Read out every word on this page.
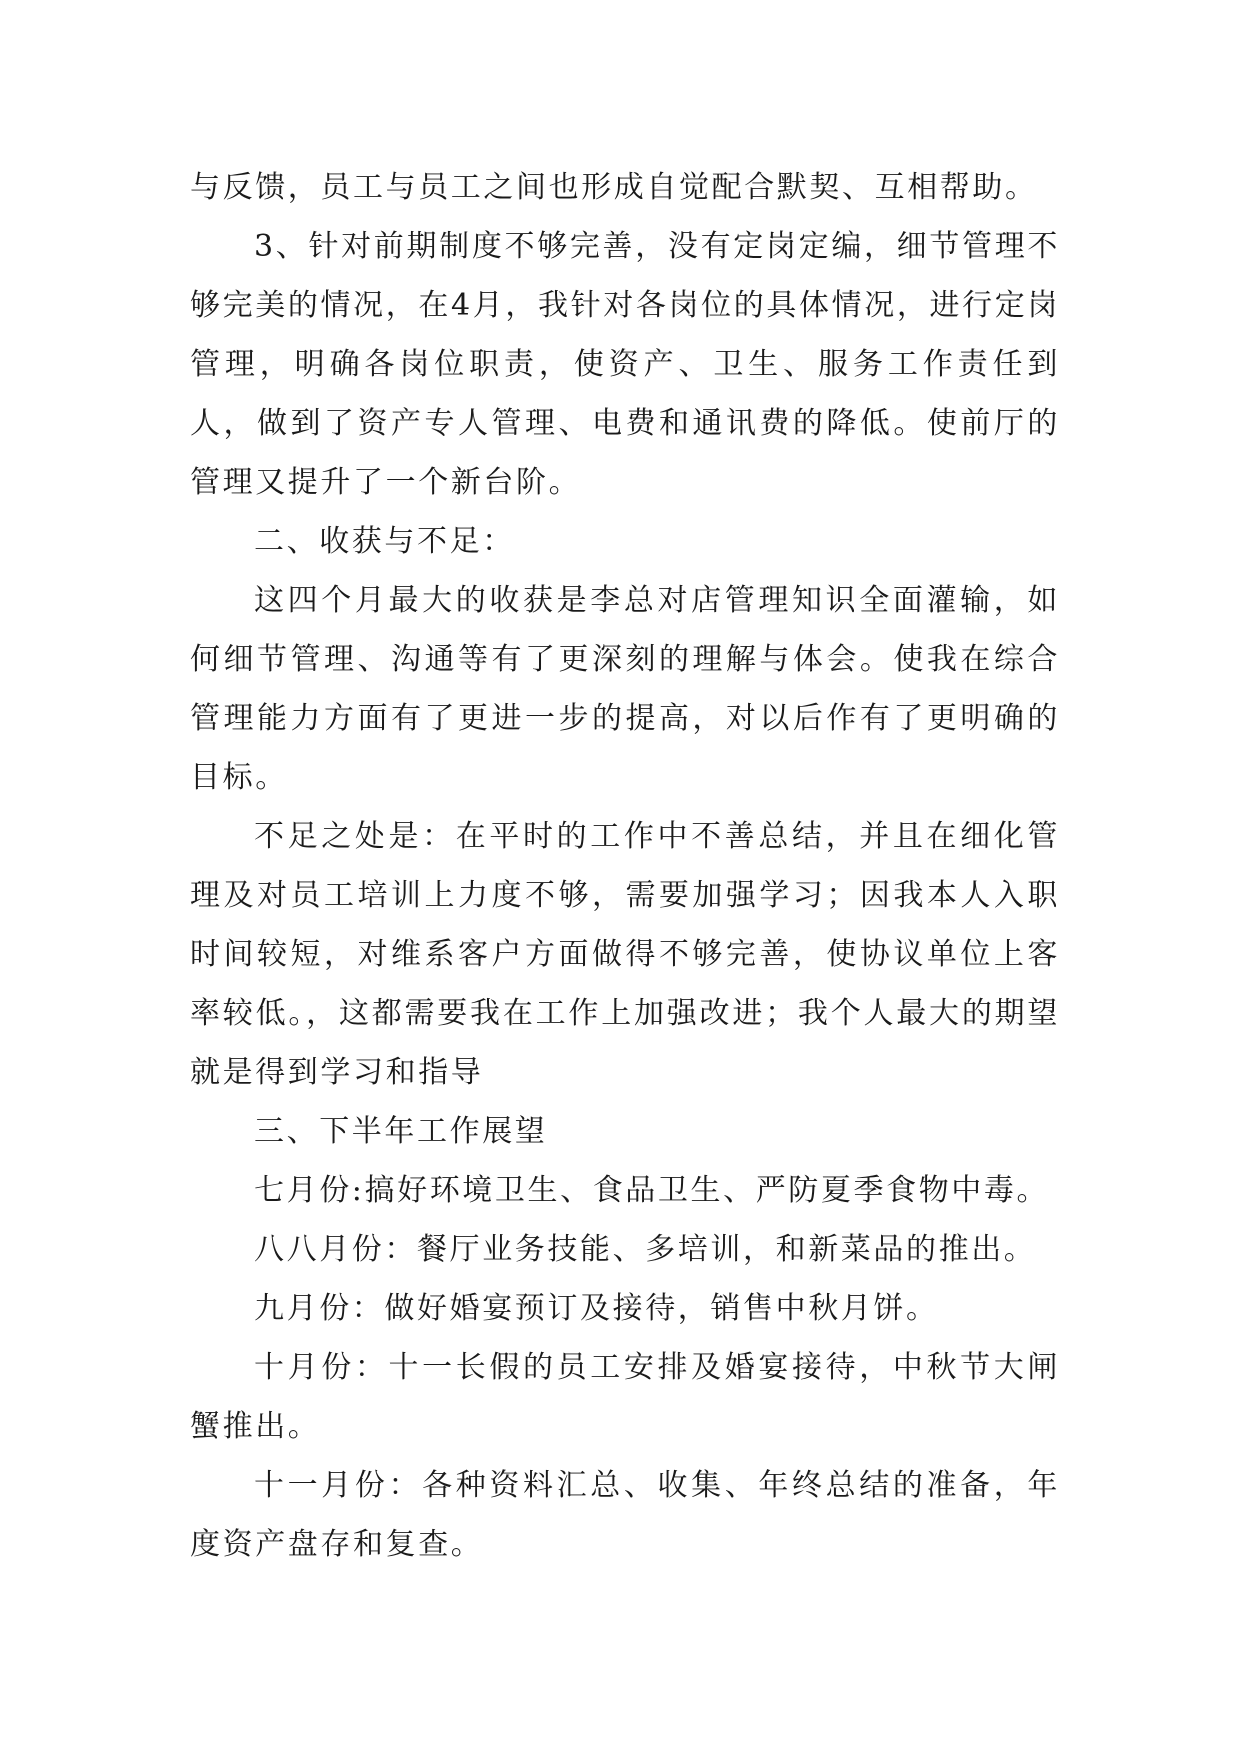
与反馈，员工与员工之间也形成自觉配合默契、互相帮助。

3、针对前期制度不够完善，没有定岗定编，细节管理不够完美的情况，在4月，我针对各岗位的具体情况，进行定岗管理，明确各岗位职责，使资产、卫生、服务工作责任到人，做到了资产专人管理、电费和通讯费的降低。使前厅的管理又提升了一个新台阶。

二、收获与不足：

这四个月最大的收获是李总对店管理知识全面灌输，如何细节管理、沟通等有了更深刻的理解与体会。使我在综合管理能力方面有了更进一步的提高，对以后作有了更明确的目标。

不足之处是：在平时的工作中不善总结，并且在细化管理及对员工培训上力度不够，需要加强学习；因我本人入职时间较短，对维系客户方面做得不够完善，使协议单位上客率较低。，这都需要我在工作上加强改进；我个人最大的期望就是得到学习和指导

三、下半年工作展望

七月份:搞好环境卫生、食品卫生、严防夏季食物中毒。

八八月份：餐厅业务技能、多培训，和新菜品的推出。

九月份：做好婚宴预订及接待，销售中秋月饼。

十月份：十一长假的员工安排及婚宴接待，中秋节大闸蟹推出。

十一月份：各种资料汇总、收集、年终总结的准备，年度资产盘存和复查。
